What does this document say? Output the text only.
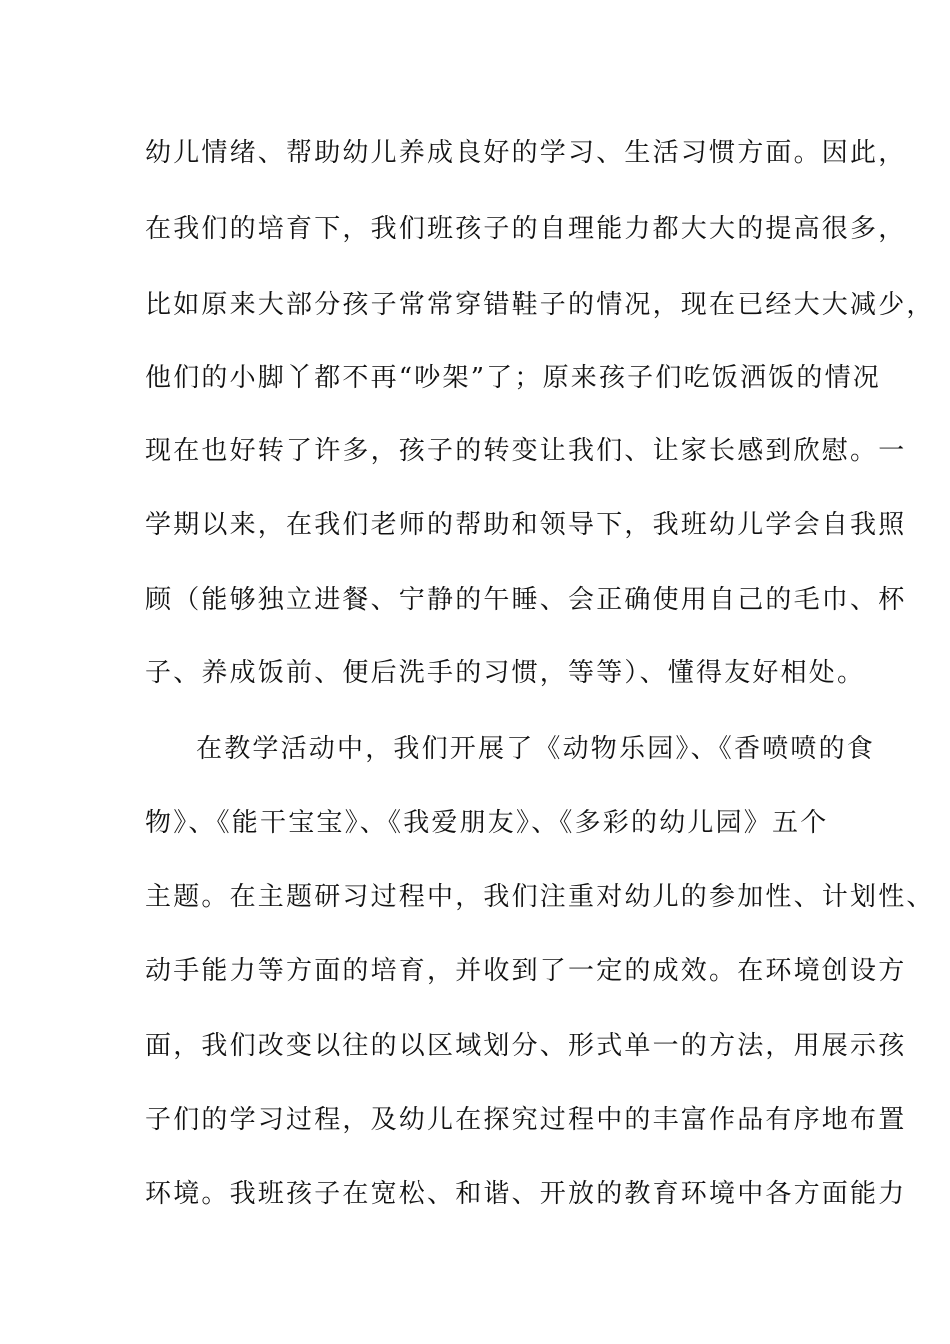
幼儿情绪、帮助幼儿养成良好的学习、生活习惯方面。因此，
在我们的培育下，我们班孩子的自理能力都大大的提高很多，
比如原来大部分孩子常常穿错鞋子的情况，现在已经大大减少，
他们的小脚丫都不再“吵架”了；原来孩子们吃饭洒饭的情况
现在也好转了许多，孩子的转变让我们、让家长感到欣慰。一
学期以来，在我们老师的帮助和领导下，我班幼儿学会自我照
顾（能够独立进餐、宁静的午睡、会正确使用自己的毛巾、杯
子、养成饭前、便后洗手的习惯，等等）、懂得友好相处。
在教学活动中，我们开展了《动物乐园》、《香喷喷的食
物》、《能干宝宝》、《我爱朋友》、《多彩的幼儿园》五个
主题。在主题研习过程中，我们注重对幼儿的参加性、计划性、
动手能力等方面的培育，并收到了一定的成效。在环境创设方
面，我们改变以往的以区域划分、形式单一的方法，用展示孩
子们的学习过程，及幼儿在探究过程中的丰富作品有序地布置
环境。我班孩子在宽松、和谐、开放的教育环境中各方面能力
